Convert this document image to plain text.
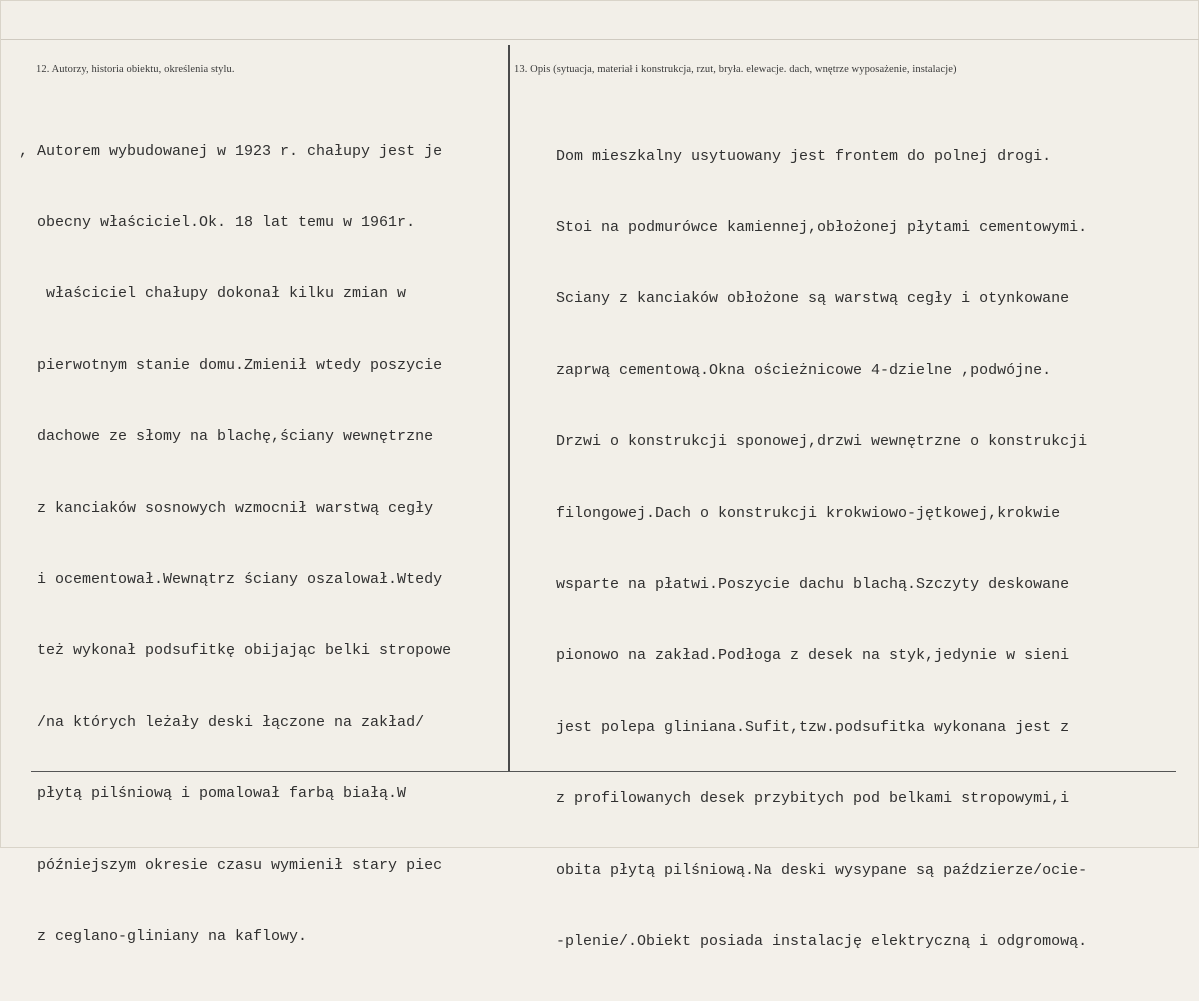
12. Autorzy, historia obiektu, określenia stylu.	13. Opis (sytuacja, materiał i konstrukcja, rzut, bryła. elewacje. dach, wnętrze wyposażenie, instalacje)

, Autorem wybudowanej w 1923 r. chałupy jest je

obecny właściciel.Ok. 18 lat temu w 1961r.

właściciel chałupy dokonał kilku zmian w

pierwotnym stanie domu.Zmienił wtedy poszycie

dachowe ze słomy na blachę,ściany wewnętrzne

z kanciaków sosnowych wzmocnił warstwą cegły

i ocementował.Wewnątrz ściany oszalował.Wtedy

też wykonał podsufitkę obijając belki stropowe

/na których leżały deski łączone na zakład/

płytą pilśniową i pomalował farbą białą.W

późniejszym okresie czasu wymienił stary piec

z ceglano-gliniany na kaflowy.

Dom mieszkalny usytuowany jest frontem do polnej drogi.

Stoi na podmurówce kamiennej,obłożonej płytami cementowymi.

Sciany z kanciaków obłożone są warstwą cegły i otynkowane

zaprwą cementową.Okna ościeżnicowe 4-dzielne ,podwójne.

Drzwi o konstrukcji sponowej,drzwi wewnętrzne o konstrukcji

filongowej.Dach o konstrukcji krokwiowo-jętkowej,krokwie

wsparte na płatwi.Poszycie dachu blachą.Szczyty deskowane

pionowo na zakład.Podłoga z desek na styk,jedynie w sieni

jest polepa gliniana.Sufit,tzw.podsufitka wykonana jest z

z profilowanych desek przybitych pod belkami stropowymi,i

obita płytą pilśniową.Na deski wysypane są paździerze/ocie-

-plenie/.Obiekt posiada instalację elektryczną i odgromową.
